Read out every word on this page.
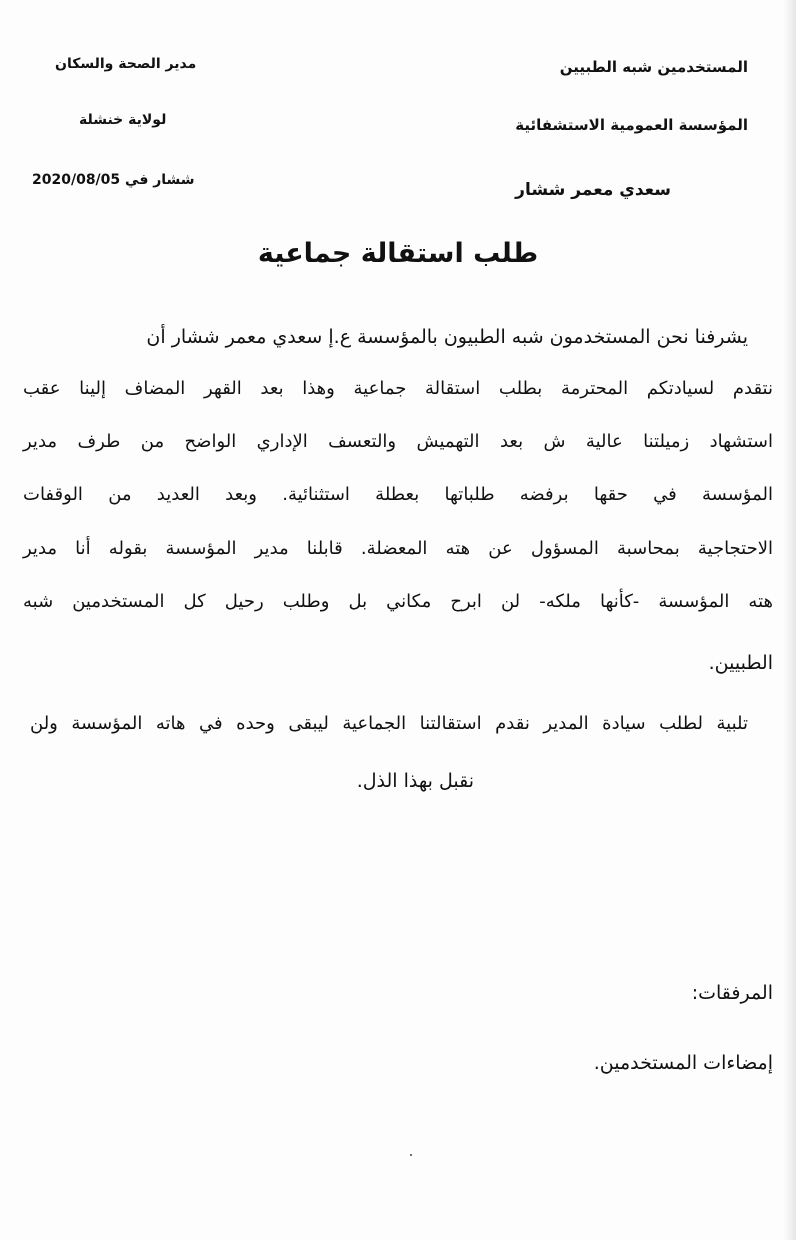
المستخدمين شبه الطبيين
المؤسسة العمومية الاستشفائية
سعدي معمر ششار
مدير الصحة والسكان
لولاية خنشلة
ششار في 2020/08/05
طلب استقالة جماعية
يشرفنا نحن المستخدمون شبه الطبيون بالمؤسسة ع.إ سعدي معمر ششار أن
نتقدم لسيادتكم المحترمة بطلب استقالة جماعية وهذا بعد القهر المضاف إلينا عقب
استشهاد زميلتنا عالية ش بعد التهميش والتعسف الإداري الواضح من طرف مدير
المؤسسة في حقها برفضه طلباتها بعطلة استثنائية. وبعد العديد من الوقفات
الاحتجاجية بمحاسبة المسؤول عن هته المعضلة. قابلنا مدير المؤسسة بقوله أنا مدير
هته المؤسسة -كأنها ملكه- لن ابرح مكاني بل وطلب رحيل كل المستخدمين شبه
الطبيين.
تلبية لطلب سيادة المدير نقدم استقالتنا الجماعية ليبقى وحده في هاته المؤسسة ولن
نقبل بهذا الذل.
المرفقات:
إمضاءات المستخدمين.
